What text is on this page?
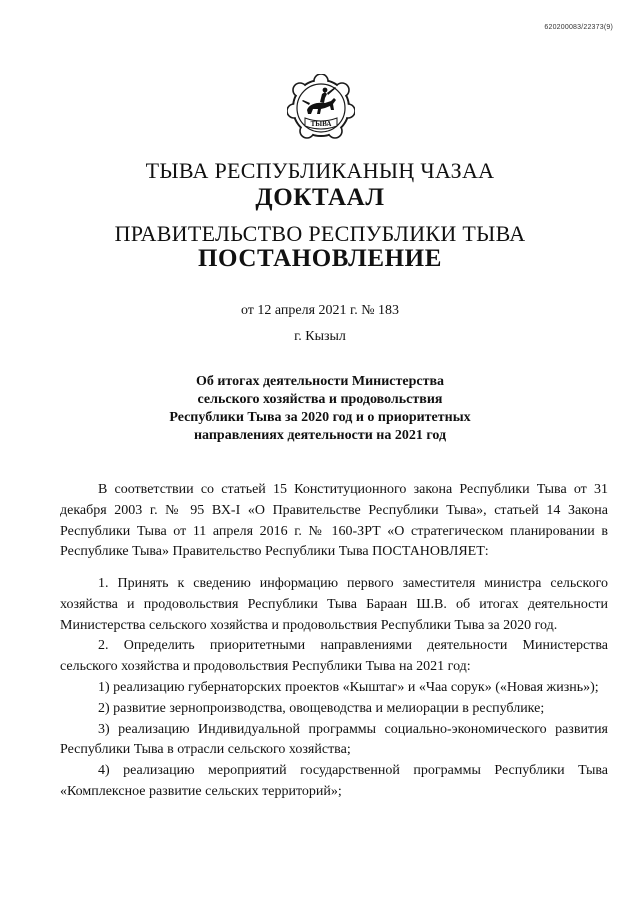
620200083/22373(9)
ТЫВА
ТЫВА РЕСПУБЛИКАНЫҢ ЧАЗАА
ДОКТААЛ
ПРАВИТЕЛЬСТВО РЕСПУБЛИКИ ТЫВА
ПОСТАНОВЛЕНИЕ
от 12 апреля 2021 г. № 183
г. Кызыл
Об итогах деятельности Министерства
сельского хозяйства и продовольствия
Республики Тыва за 2020 год и о приоритетных
направлениях деятельности на 2021 год

В соответствии со статьей 15 Конституционного закона Республики Тыва от 31 декабря 2003 г. № 95 ВХ-I «О Правительстве Республики Тыва», статьей 14 Закона Республики Тыва от 11 апреля 2016 г. № 160-ЗРТ «О стратегическом планировании в Республике Тыва» Правительство Республики Тыва ПОСТАНОВЛЯЕТ:

1. Принять к сведению информацию первого заместителя министра сельского хозяйства и продовольствия Республики Тыва Бараан Ш.В. об итогах деятельности Министерства сельского хозяйства и продовольствия Республики Тыва за 2020 год.

2. Определить приоритетными направлениями деятельности Министерства сельского хозяйства и продовольствия Республики Тыва на 2021 год:

1) реализацию губернаторских проектов «Кыштаг» и «Чаа сорук» («Новая жизнь»);

2) развитие зернопроизводства, овощеводства и мелиорации в республике;

3) реализацию Индивидуальной программы социально-экономического развития Республики Тыва в отрасли сельского хозяйства;

4) реализацию мероприятий государственной программы Республики Тыва «Комплексное развитие сельских территорий»;
